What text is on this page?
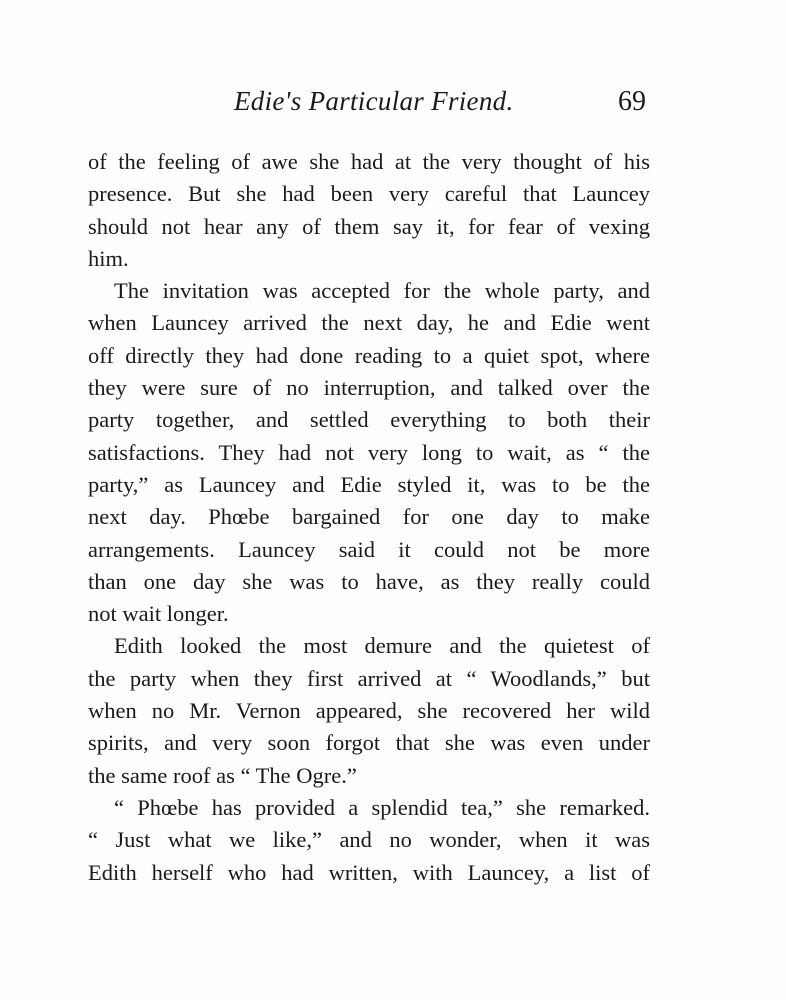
Edie's Particular Friend.	69
of the feeling of awe she had at the very thought of his
presence. But she had been very careful that Launcey
should not hear any of them say it, for fear of vexing
him.
The invitation was accepted for the whole party, and
when Launcey arrived the next day, he and Edie went
off directly they had done reading to a quiet spot, where
they were sure of no interruption, and talked over the
party together, and settled everything to both their
satisfactions. They had not very long to wait, as “ the
party,” as Launcey and Edie styled it, was to be the
next day. Phœbe bargained for one day to make
arrangements. Launcey said it could not be more
than one day she was to have, as they really could
not wait longer.
Edith looked the most demure and the quietest of
the party when they first arrived at “ Woodlands,” but
when no Mr. Vernon appeared, she recovered her wild
spirits, and very soon forgot that she was even under
the same roof as “ The Ogre.”
“ Phœbe has provided a splendid tea,” she remarked.
“ Just what we like,” and no wonder, when it was
Edith herself who had written, with Launcey, a list of
